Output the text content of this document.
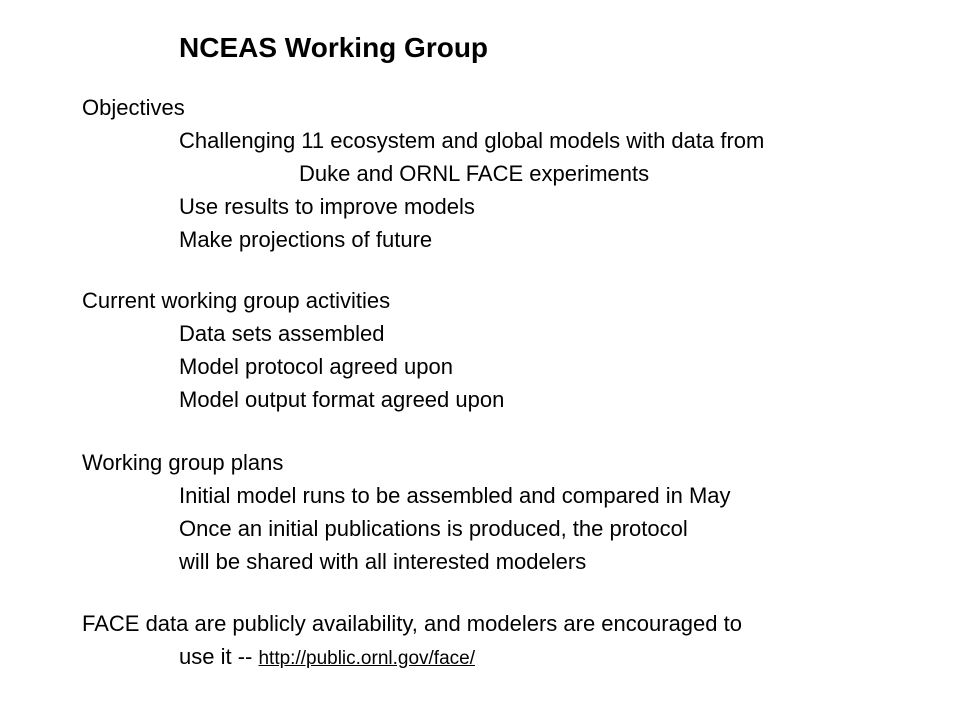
NCEAS Working Group
Objectives
Challenging 11 ecosystem and global models with data from
Duke and ORNL FACE experiments
Use results to improve models
Make projections of future
Current working group activities
Data sets assembled
Model protocol agreed upon
Model output format agreed upon
Working group plans
Initial model runs to be assembled and compared in May
Once an initial publications is produced, the protocol
will be shared with all interested modelers
FACE data are publicly availability, and modelers are encouraged to
use it -- http://public.ornl.gov/face/
